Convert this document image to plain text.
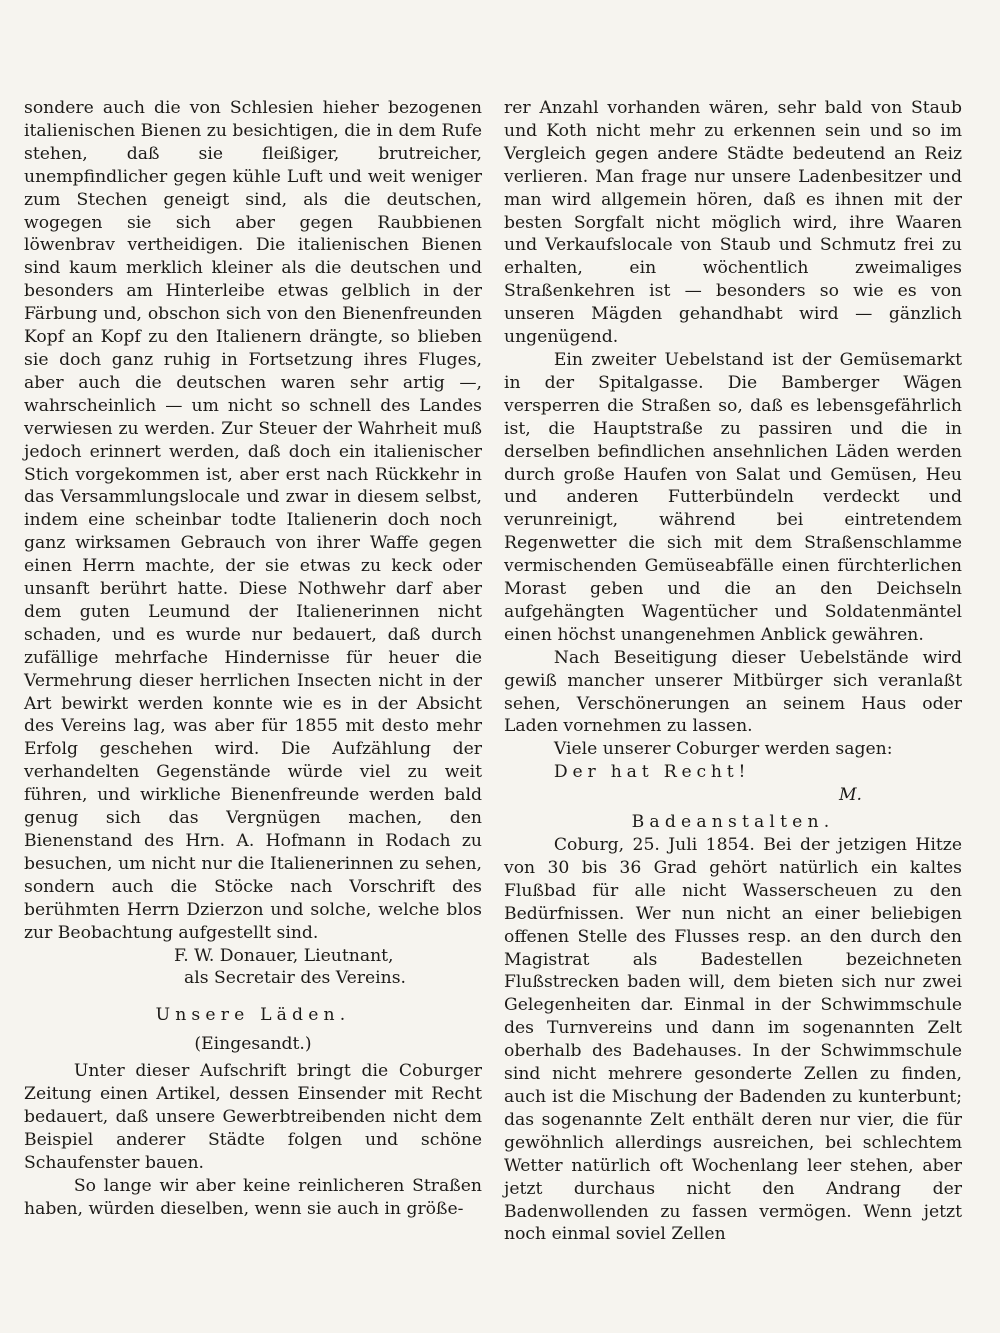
sondere auch die von Schlesien hieher bezogenen italienischen Bienen zu besichtigen, die in dem Rufe stehen, daß sie fleißiger, brutreicher, unempfindlicher gegen kühle Luft und weit weniger zum Stechen geneigt sind, als die deutschen, wogegen sie sich aber gegen Raubbienen löwenbrav vertheidigen. Die italienischen Bienen sind kaum merklich kleiner als die deutschen und besonders am Hinterleibe etwas gelblich in der Färbung und, obschon sich von den Bienenfreunden Kopf an Kopf zu den Italienern drängte, so blieben sie doch ganz ruhig in Fortsetzung ihres Fluges, aber auch die deutschen waren sehr artig —, wahrscheinlich — um nicht so schnell des Landes verwiesen zu werden. Zur Steuer der Wahrheit muß jedoch erinnert werden, daß doch ein italienischer Stich vorgekommen ist, aber erst nach Rückkehr in das Versammlungslocale und zwar in diesem selbst, indem eine scheinbar todte Italienerin doch noch ganz wirksamen Gebrauch von ihrer Waffe gegen einen Herrn machte, der sie etwas zu keck oder unsanft berührt hatte. Diese Nothwehr darf aber dem guten Leumund der Italienerinnen nicht schaden, und es wurde nur bedauert, daß durch zufällige mehrfache Hindernisse für heuer die Vermehrung dieser herrlichen Insecten nicht in der Art bewirkt werden konnte wie es in der Absicht des Vereins lag, was aber für 1855 mit desto mehr Erfolg geschehen wird. Die Aufzählung der verhandelten Gegenstände würde viel zu weit führen, und wirkliche Bienenfreunde werden bald genug sich das Vergnügen machen, den Bienenstand des Hrn. A. Hofmann in Rodach zu besuchen, um nicht nur die Italienerinnen zu sehen, sondern auch die Stöcke nach Vorschrift des berühmten Herrn Dzierzon und solche, welche blos zur Beobachtung aufgestellt sind.

F. W. Donauer, Lieutnant,

als Secretair des Vereins.

Unsere Läden.

(Eingesandt.)

Unter dieser Aufschrift bringt die Coburger Zeitung einen Artikel, dessen Einsender mit Recht bedauert, daß unsere Gewerbtreibenden nicht dem Beispiel anderer Städte folgen und schöne Schaufenster bauen.

So lange wir aber keine reinlicheren Straßen haben, würden dieselben, wenn sie auch in größe-

rer Anzahl vorhanden wären, sehr bald von Staub und Koth nicht mehr zu erkennen sein und so im Vergleich gegen andere Städte bedeutend an Reiz verlieren. Man frage nur unsere Ladenbesitzer und man wird allgemein hören, daß es ihnen mit der besten Sorgfalt nicht möglich wird, ihre Waaren und Verkaufslocale von Staub und Schmutz frei zu erhalten, ein wöchentlich zweimaliges Straßenkehren ist — besonders so wie es von unseren Mägden gehandhabt wird — gänzlich ungenügend.

Ein zweiter Uebelstand ist der Gemüsemarkt in der Spitalgasse. Die Bamberger Wägen versperren die Straßen so, daß es lebensgefährlich ist, die Hauptstraße zu passiren und die in derselben befindlichen ansehnlichen Läden werden durch große Haufen von Salat und Gemüsen, Heu und anderen Futterbündeln verdeckt und verunreinigt, während bei eintretendem Regenwetter die sich mit dem Straßenschlamme vermischenden Gemüseabfälle einen fürchterlichen Morast geben und die an den Deichseln aufgehängten Wagentücher und Soldatenmäntel einen höchst unangenehmen Anblick gewähren.

Nach Beseitigung dieser Uebelstände wird gewiß mancher unserer Mitbürger sich veranlaßt sehen, Verschönerungen an seinem Haus oder Laden vornehmen zu lassen.

Viele unserer Coburger werden sagen:

Der hat Recht!

M.

Badeanstalten.

Coburg, 25. Juli 1854. Bei der jetzigen Hitze von 30 bis 36 Grad gehört natürlich ein kaltes Flußbad für alle nicht Wasserscheuen zu den Bedürfnissen. Wer nun nicht an einer beliebigen offenen Stelle des Flusses resp. an den durch den Magistrat als Badestellen bezeichneten Flußstrecken baden will, dem bieten sich nur zwei Gelegenheiten dar. Einmal in der Schwimmschule des Turnvereins und dann im sogenannten Zelt oberhalb des Badehauses. In der Schwimmschule sind nicht mehrere gesonderte Zellen zu finden, auch ist die Mischung der Badenden zu kunterbunt; das sogenannte Zelt enthält deren nur vier, die für gewöhnlich allerdings ausreichen, bei schlechtem Wetter natürlich oft Wochenlang leer stehen, aber jetzt durchaus nicht den Andrang der Badenwollenden zu fassen vermögen. Wenn jetzt noch einmal soviel Zellen
